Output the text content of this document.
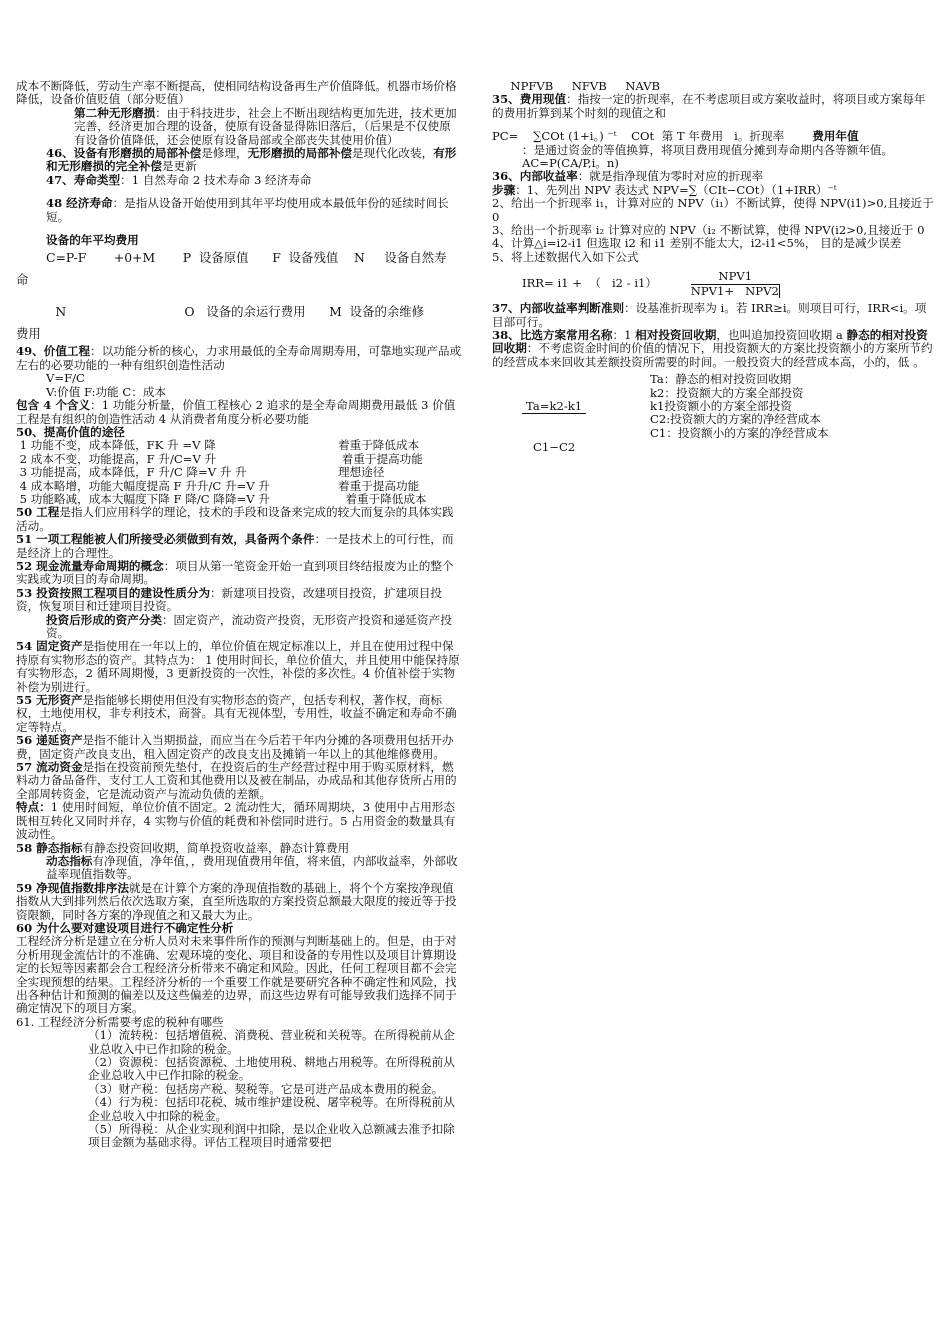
成本不断降低，劳动生产率不断提高，使相同结构设备再生产价值降低。机器市场价格降低，设备价值贬值（部分贬值）

第二种无形磨损：由于科技进步，社会上不断出现结构更加先进，技术更加完善，经济更加合理的设备，使原有设备显得陈旧落后，（后果是不仅使原有设备价值降低，还会使原有设备局部或全部丧失其使用价值）

46、设备有形磨损的局部补偿是修理，无形磨损的局部补偿是现代化改装，有形和无形磨损的完全补偿是更新

47、寿命类型：1 自然寿命 2 技术寿命 3 经济寿命

48 经济寿命：是指从设备开始使用到其年平均使用成本最低年份的延续时间长短。

设备的年平均费用

C=P-F       +0+M       P  设备原值      F  设备残值    N     设备自然寿

命

N                              O   设备的余运行费用      M  设备的余维修

费用

49、价值工程：以功能分析的核心，力求用最低的全寿命周期寿用，可靠地实现产品或左右的必要功能的一种有组织创造性活动

V=F/C

V:价值 F:功能 C：成本

包含 4 个含义：1 功能分析量，价值工程核心 2 追求的是全寿命周期费用最低 3 价值工程是有组织的创造性活动 4 从消费者角度分析必要功能

50、提高价值的途径

1 功能不变，成本降低，FK 升 =V 降	着重于降低成本
2 成本不变，功能提高，F 升/C=V 升	着重于提高功能
3 功能提高，成本降低，F 升/C 降=V 升 升	理想途径
4 成本略增，功能大幅度提高 F 升升/C 升=V 升	着重于提高功能
5 功能略减，成本大幅度下降 F 降/C 降降=V 升	着重于降低成本

50 工程是指人们应用科学的理论，技术的手段和设备来完成的较大而复杂的具体实践活动。

51 一项工程能被人们所接受必须做到有效，具备两个条件：一是技术上的可行性，而是经济上的合理性。

52 现金流量寿命周期的概念：项目从第一笔资金开始一直到项目终结报废为止的整个实践或为项目的寿命周期。

53 投资按照工程项目的建设性质分为：新建项目投资，改建项目投资，扩建项目投资，恢复项目和迁建项目投资。

投资后形成的资产分类：固定资产，流动资产投资，无形资产投资和递延资产投资。

54 固定资产是指使用在一年以上的，单位价值在规定标准以上，并且在使用过程中保持原有实物形态的资产。其特点为： 1 使用时间长，单位价值大，并且使用中能保持原有实物形态，2 循环周期慢，3 更新投资的一次性，补偿的多次性。4 价值补偿于实物补偿为别进行。

55 无形资产是指能够长期使用但没有实物形态的资产，包括专利权，著作权，商标权，土地使用权，非专利技术，商誉。具有无视体型，专用性，收益不确定和寿命不确定等特点。

56 递延资产是指不能计入当期损益，而应当在今后若干年内分摊的各项费用包括开办费，固定资产改良支出，租入固定资产的改良支出及摊销一年以上的其他维修费用。

57 流动资金是指在投资前预先垫付，在投资后的生产经营过程中用于购买原材料，燃料动力备品备件，支付工人工资和其他费用以及被在制品，办成品和其他存货所占用的全部周转资金，它是流动资产与流动负债的差额。

特点：1 使用时间短，单位价值不固定。2 流动性大，循环周期块，3 使用中占用形态既相互转化又同时并存，4 实物与价值的耗费和补偿同时进行。5 占用资金的数量具有波动性。

58 静态指标有静态投资回收期，简单投资收益率，静态计算费用

动态指标有净现值，净年值，，费用现值费用年值，将来值，内部收益率，外部收益率现值指数等。

59 净现值指数排序法就是在计算个方案的净现值指数的基础上，将个个方案按净现值指数从大到排列然后依次选取方案，直至所选取的方案投资总额最大限度的接近等于投资限额，同时各方案的净现值之和又最大为止。

60 为什么要对建设项目进行不确定性分析

工程经济分析是建立在分析人员对未来事件所作的预测与判断基础上的。但是，由于对分析用现金流估计的不准确、宏观环境的变化、项目和设备的专用性以及项目计算期设定的长短等因素都会合工程经济分析带来不确定和风险。因此，任何工程项目都不会完全实现预想的结果。工程经济分析的一个重要工作就是要研究各种不确定性和风险，找出各种估计和预测的偏差以及这些偏差的边界，而这些边界有可能导致我们选择不同于确定情况下的项目方案。

61. 工程经济分析需要考虑的税种有哪些

（1）流转税：包括增值税、消费税、营业税和关税等。在所得税前从企业总收入中已作扣除的税金。

（2）资源税：包括资源税、土地使用税、耕地占用税等。在所得税前从企业总收入中已作扣除的税金。

（3）财产税：包括房产税、契税等。它是可进产品成本费用的税金。

（4）行为税：包括印花税、城市维护建设税、屠宰税等。在所得税前从企业总收入中扣除的税金。

（5）所得税：从企业实现利润中扣除，是以企业收入总额减去准予扣除项目金额为基础求得。评估工程项目时通常要把

NPFVB     NFVB     NAVB

35、费用现值：指按一定的折现率，在不考虑项目或方案收益时，将项目或方案每年的费用折算到某个时刻的现值之和

PC=    ∑COt (1+i。) ⁻ᵗ    COt  第 T 年费用   i。折现率 费用年值

：是通过资金的等值换算，将项目费用现值分摊到寿命期内各等额年值。 AC=P(CA/P,i。n)

36、内部收益率：就是指净现值为零时对应的折现率

步骤：1、先列出 NPV 表达式 NPV=∑（CIt−COt）（1+IRR）⁻ᵗ

2、给出一个折现率 i₁，计算对应的 NPV（i₁）不断试算，使得 NPV(i1)>0,且接近于 0

3、给出一个折现率 i₂ 计算对应的 NPV（i₂ 不断试算，使得 NPV(i2>0,且接近于 0

4、计算△i=i2-i1 但选取 i2 和 i1 差别不能太大，i2-i1<5%， 目的是减少误差

5、将上述数据代入如下公式

IRR= i1 +  （   i2 - i1）
NPV1
NPV1+   NPV2

37、内部收益率判断准则：设基准折现率为 i。若 IRR≥i。则项目可行，IRR<i。项目部可行。

38、比选方案常用名称：1 相对投资回收期，也叫追加投资回收期 a 静态的相对投资回收期：不考虑资金时间的价值的情况下，用投资额大的方案比投资额小的方案所节约的经营成本来回收其差额投资所需要的时间。一般投资大的经营成本高，小的，低 。

$\frac{Ta=k2-k1}{C1-C2}$

	Ta：静态的相对投资回收期

k2：投资额大的方案全部投资

k1投资额小的方案全部投资

C2:投资额大的方案的净经营成本

C1：投资额小的方案的净经营成本
